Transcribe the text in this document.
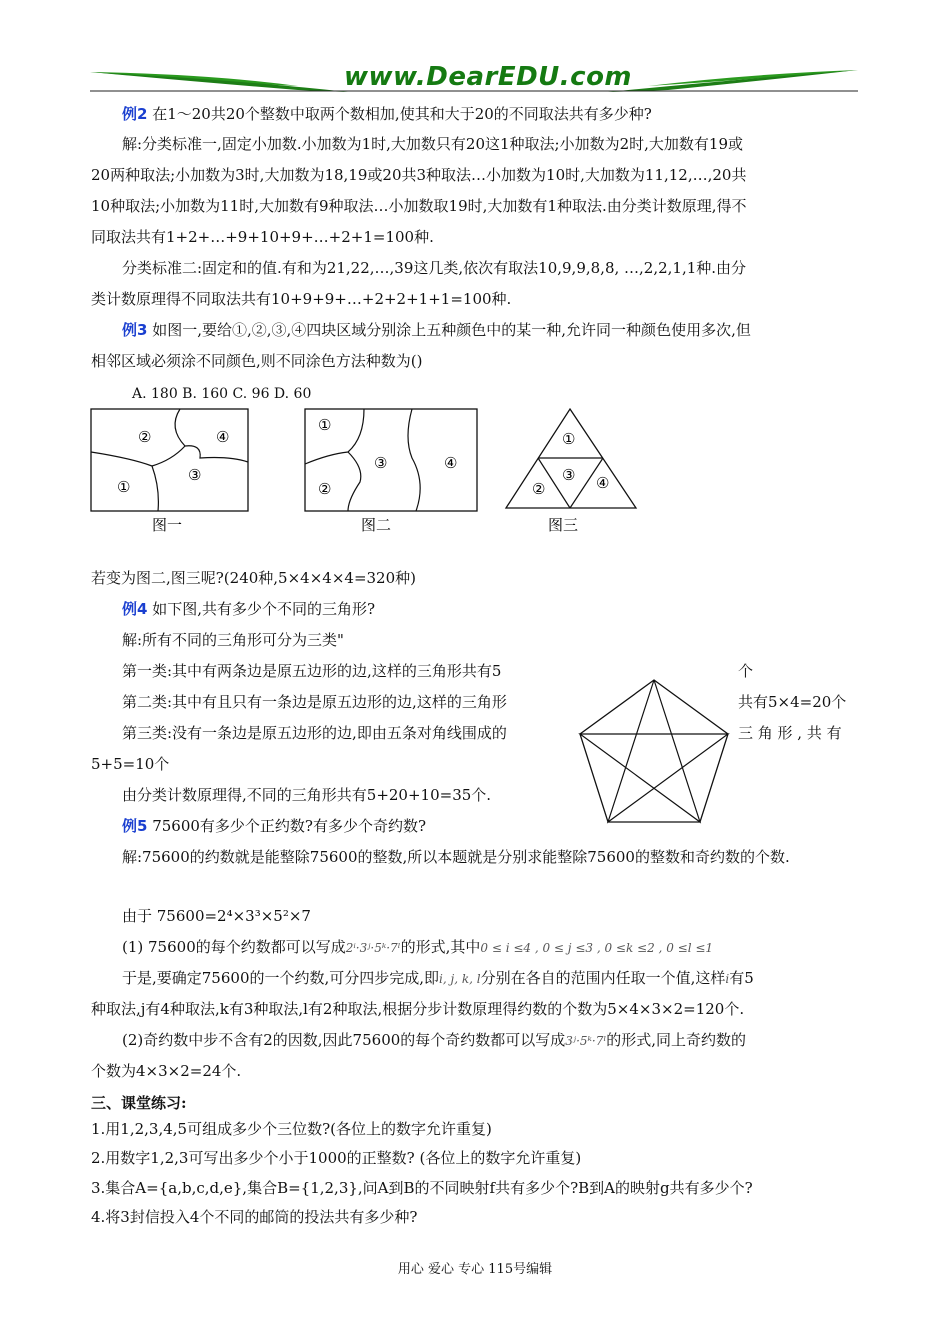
www.DearEDU.com
例2 在1～20共20个整数中取两个数相加,使其和大于20的不同取法共有多少种?
解:分类标准一,固定小加数.小加数为1时,大加数只有20这1种取法;小加数为2时,大加数有19或
20两种取法;小加数为3时,大加数为18,19或20共3种取法…小加数为10时,大加数为11,12,…,20共
10种取法;小加数为11时,大加数有9种取法…小加数取19时,大加数有1种取法.由分类计数原理,得不
同取法共有1+2+…+9+10+9+…+2+1=100种.
分类标准二:固定和的值.有和为21,22,…,39这几类,依次有取法10,9,9,8,8, …,2,2,1,1种.由分
类计数原理得不同取法共有10+9+9+…+2+2+1+1=100种.
例3 如图一,要给①,②,③,④四块区域分别涂上五种颜色中的某一种,允许同一种颜色使用多次,但
相邻区域必须涂不同颜色,则不同涂色方法种数为()
A. 180 B. 160 C. 96 D. 60
②	④
③
①
图一
①
②
③	④
图二
①
③
②	④
图三
若变为图二,图三呢?(240种,5×4×4×4=320种)
例4 如下图,共有多少个不同的三角形?
解:所有不同的三角形可分为三类"
第一类:其中有两条边是原五边形的边,这样的三角形共有5	个
第二类:其中有且只有一条边是原五边形的边,这样的三角形	共有5×4=20个
第三类:没有一条边是原五边形的边,即由五条对角线围成的	三 角 形 , 共 有
5+5=10个
由分类计数原理得,不同的三角形共有5+20+10=35个.
例5 75600有多少个正约数?有多少个奇约数?
解:75600的约数就是能整除75600的整数,所以本题就是分别求能整除75600的整数和奇约数的个数.
由于 75600=2⁴×3³×5²×7
(1) 75600的每个约数都可以写成2ⁱ·3ʲ·5ᵏ·7ˡ的形式,其中0 ≤ i ≤4 , 0 ≤ j ≤3 , 0 ≤k ≤2 , 0 ≤l ≤1
于是,要确定75600的一个约数,可分四步完成,即i, j, k, l分别在各自的范围内任取一个值,这样i有5
种取法,j有4种取法,k有3种取法,l有2种取法,根据分步计数原理得约数的个数为5×4×3×2=120个.
(2)奇约数中步不含有2的因数,因此75600的每个奇约数都可以写成3ʲ·5ᵏ·7ˡ的形式,同上奇约数的
个数为4×3×2=24个.
三、课堂练习:
1.用1,2,3,4,5可组成多少个三位数?(各位上的数字允许重复)
2.用数字1,2,3可写出多少个小于1000的正整数? (各位上的数字允许重复)
3.集合A={a,b,c,d,e},集合B={1,2,3},问A到B的不同映射f共有多少个?B到A的映射g共有多少个?
4.将3封信投入4个不同的邮筒的投法共有多少种?
用心 爱心 专心 115号编辑
